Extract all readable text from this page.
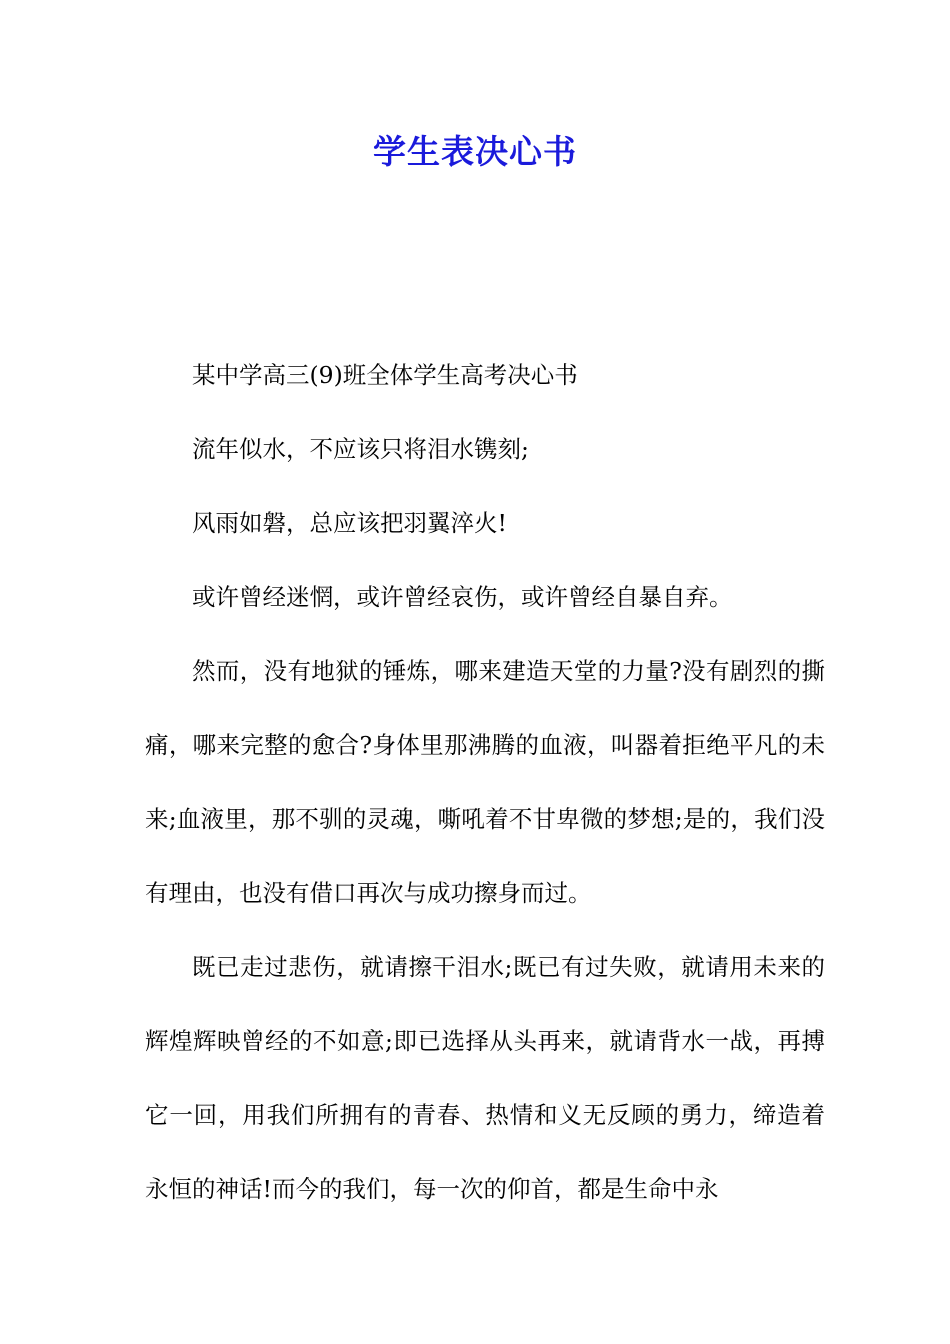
学生表决心书

某中学高三(9)班全体学生高考决心书

流年似水，不应该只将泪水镌刻;

风雨如磐，总应该把羽翼淬火!

或许曾经迷惘，或许曾经哀伤，或许曾经自暴自弃。

然而，没有地狱的锤炼，哪来建造天堂的力量?没有剧烈的撕痛，哪来完整的愈合?身体里那沸腾的血液，叫器着拒绝平凡的未来;血液里，那不驯的灵魂，嘶吼着不甘卑微的梦想;是的，我们没有理由，也没有借口再次与成功擦身而过。

既已走过悲伤，就请擦干泪水;既已有过失败，就请用未来的辉煌辉映曾经的不如意;即已选择从头再来，就请背水一战，再搏它一回，用我们所拥有的青春、热情和义无反顾的勇力，缔造着永恒的神话!而今的我们，每一次的仰首，都是生命中永
